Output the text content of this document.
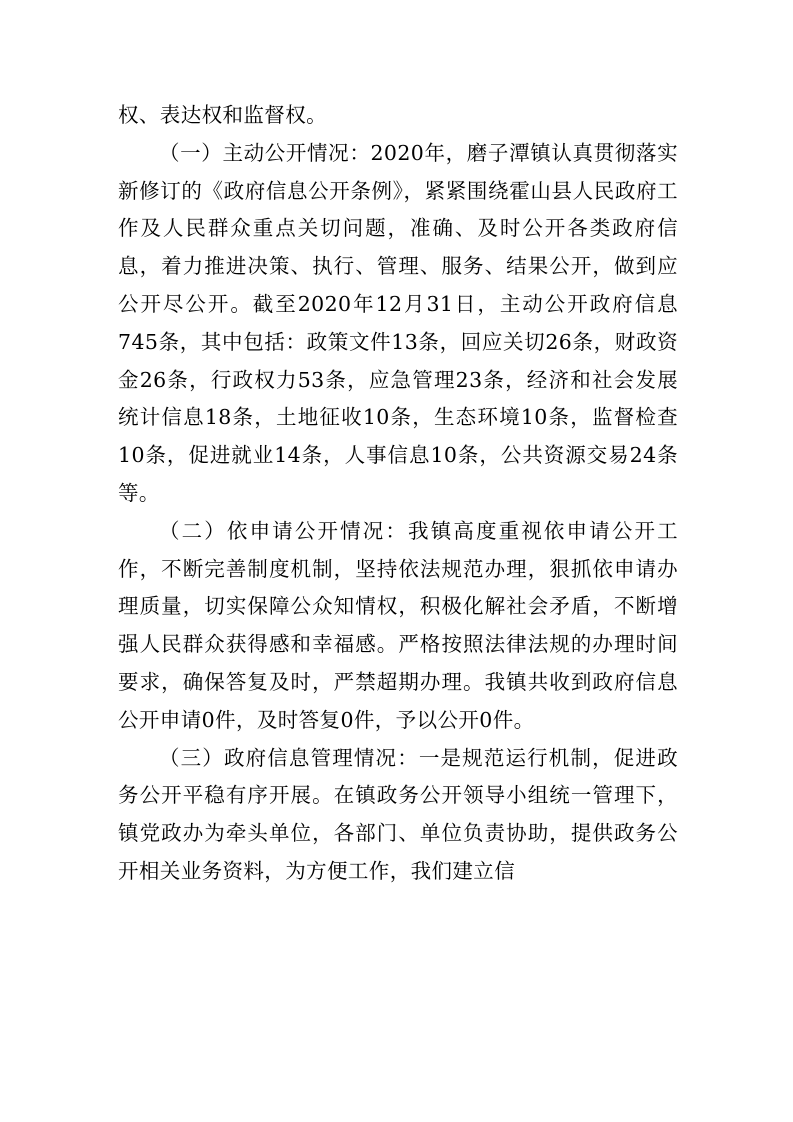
权、表达权和监督权。

（一）主动公开情况：2020年，磨子潭镇认真贯彻落实新修订的《政府信息公开条例》，紧紧围绕霍山县人民政府工作及人民群众重点关切问题，准确、及时公开各类政府信息，着力推进决策、执行、管理、服务、结果公开，做到应公开尽公开。截至2020年12月31日，主动公开政府信息745条，其中包括：政策文件13条，回应关切26条，财政资金26条，行政权力53条，应急管理23条，经济和社会发展统计信息18条，土地征收10条，生态环境10条，监督检查10条，促进就业14条，人事信息10条，公共资源交易24条等。

（二）依申请公开情况：我镇高度重视依申请公开工作，不断完善制度机制，坚持依法规范办理，狠抓依申请办理质量，切实保障公众知情权，积极化解社会矛盾，不断增强人民群众获得感和幸福感。严格按照法律法规的办理时间要求，确保答复及时，严禁超期办理。我镇共收到政府信息公开申请0件，及时答复0件，予以公开0件。

（三）政府信息管理情况：一是规范运行机制，促进政务公开平稳有序开展。在镇政务公开领导小组统一管理下，镇党政办为牵头单位，各部门、单位负责协助，提供政务公开相关业务资料，为方便工作，我们建立信
